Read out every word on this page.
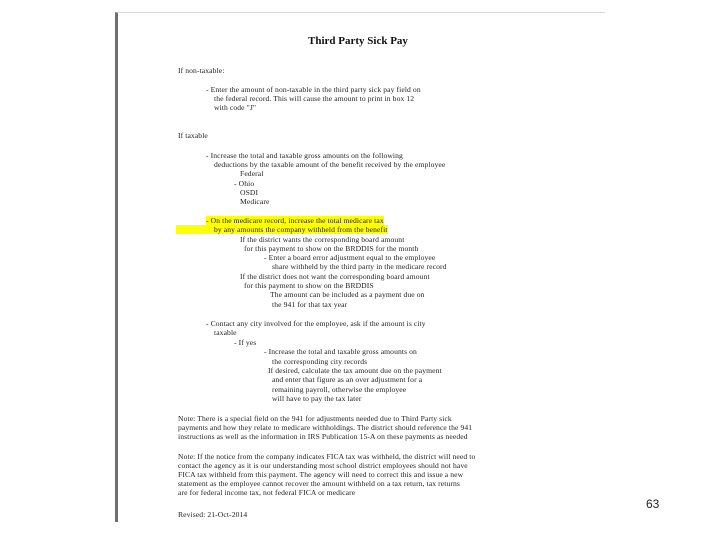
Third Party Sick Pay
If non-taxable:
- Enter the amount of non-taxable in the third party sick pay field on
the federal record. This will cause the amount to print in box 12
with code "J"
If taxable
- Increase the total and taxable gross amounts on the following
deductions by the taxable amount of the benefit received by the employee
Federal
- Ohio
OSDI
Medicare
- On the medicare record, increase the total medicare tax
by any amounts the company withheld from the benefit
If the district wants the corresponding board amount
for this payment to show on the BRDDIS for the month
- Enter a board error adjustment equal to the employee
share withheld by the third party in the medicare record
If the district does not want the corresponding board amount
for this payment to show on the BRDDIS
The amount can be included as a payment due on
the 941 for that tax year
- Contact any city involved for the employee, ask if the amount is city
taxable
- If yes
- Increase the total and taxable gross amounts on
the corresponding city records
If desired, calculate the tax amount due on the payment
and enter that figure as an over adjustment for a
remaining payroll, otherwise the employee
will have to pay the tax later
Note: There is a special field on the 941 for adjustments needed due to Third Party sick
payments and how they relate to medicare withholdings. The district should reference the 941
instructions as well as the information in IRS Publication 15-A on these payments as needed
Note: If the notice from the company indicates FICA tax was withheld, the district will need to
contact the agency as it is our understanding most school district employees should not have
FICA tax withheld from this payment. The agency will need to correct this and issue a new
statement as the employee cannot recover the amount withheld on a tax return, tax returns
are for federal income tax, not federal FICA or medicare
Revised: 21-Oct-2014
63
